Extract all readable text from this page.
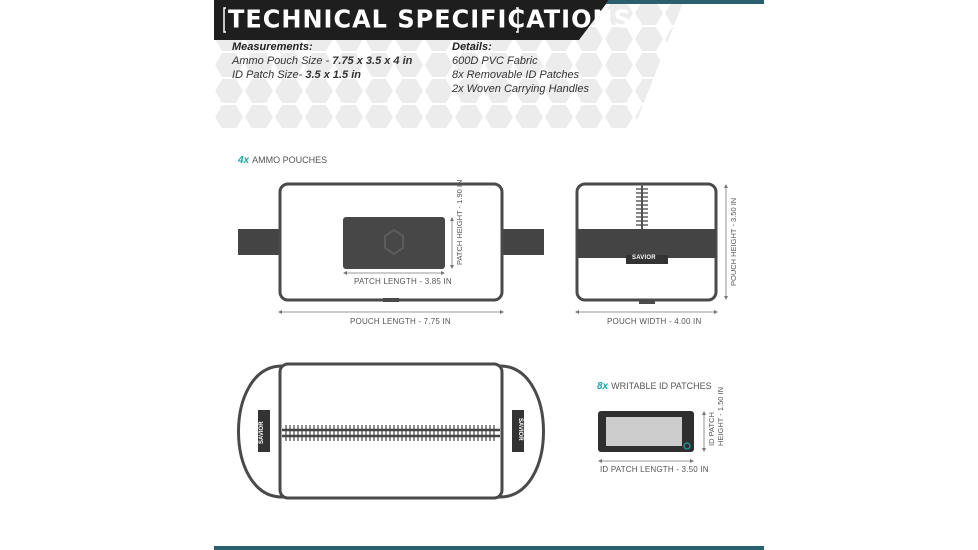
TECHNICAL SPECIFICATIONS
Measurements:
Ammo Pouch Size - 7.75 x 3.5 x 4 in
ID Patch Size- 3.5 x 1.5 in
Details:
600D PVC Fabric
8x Removable ID Patches
2x Woven Carrying Handles
4x AMMO POUCHES
PATCH LENGTH - 3.85 IN
PATCH HEIGHT - 1.90 IN
POUCH LENGTH - 7.75 IN	POUCH WIDTH - 4.00 IN
POUCH HEIGHT - 3.50 IN
SAVIOR
SAVIOR	SAVIOR
8x WRITABLE ID PATCHES
ID PATCH LENGTH - 3.50 IN
ID PATCH HEIGHT - 1.50 IN
